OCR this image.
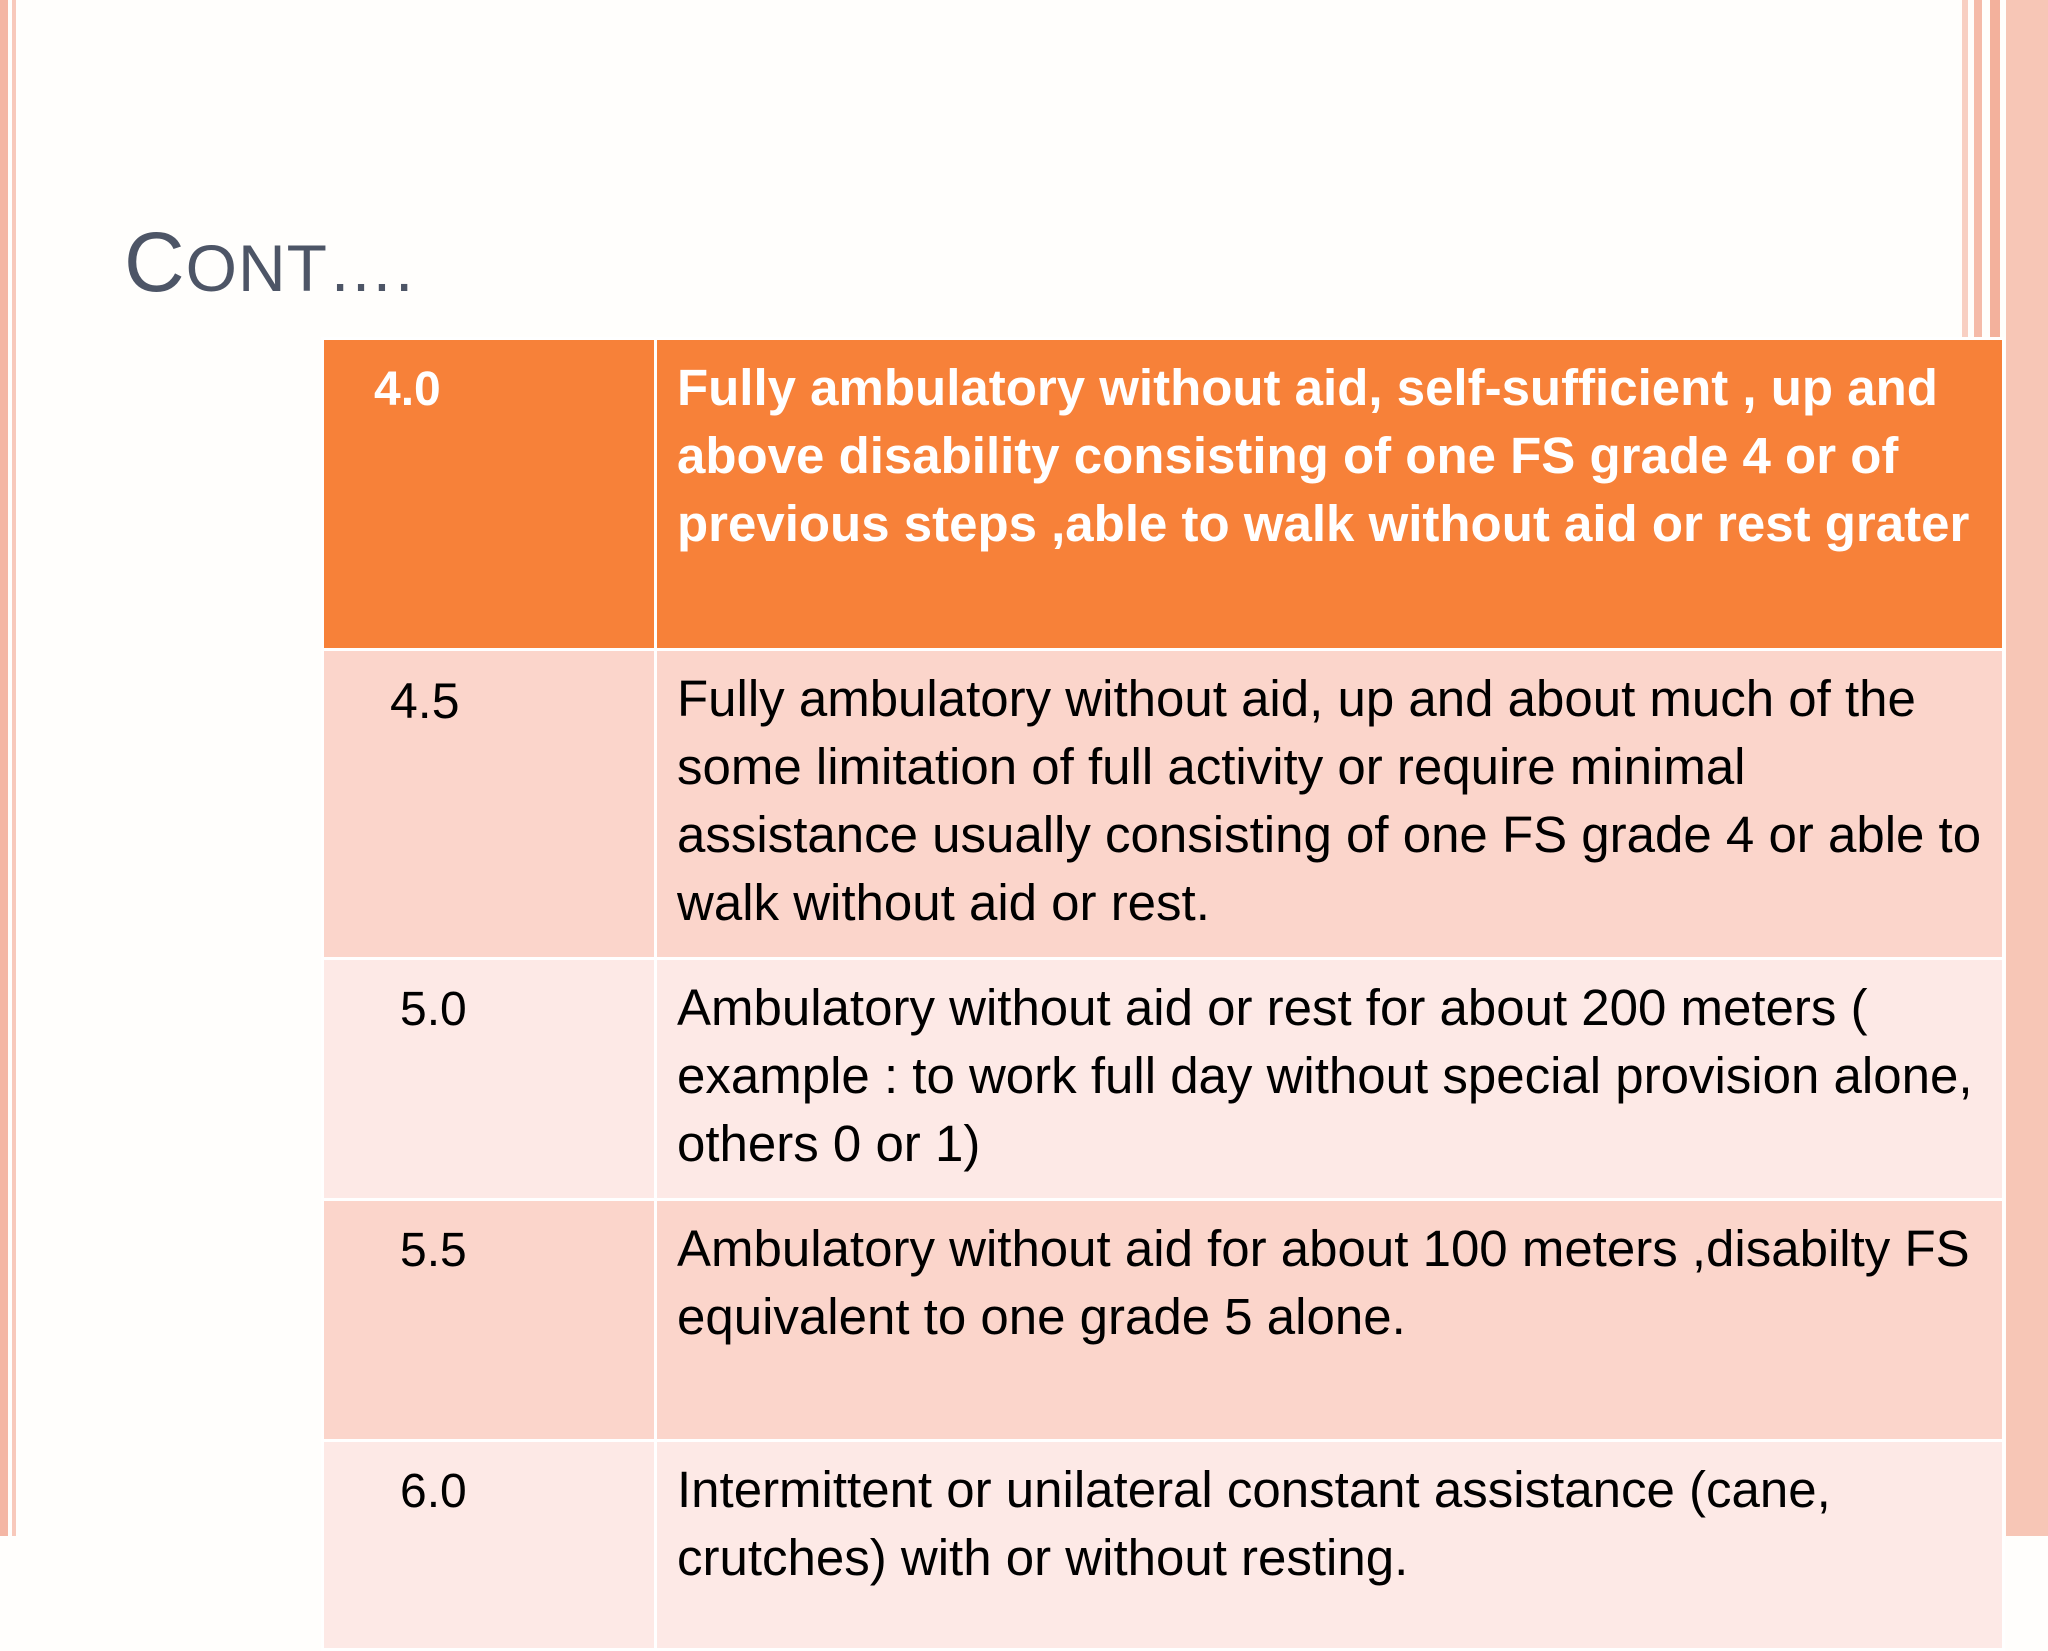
CONT….
4.0	Fully ambulatory without aid, self-sufficient , up and above disability consisting of one FS grade 4 or of previous steps ,able to walk without aid or rest grater
4.5	Fully ambulatory without aid, up and about much of the some limitation of full activity or require minimal assistance usually consisting of one FS grade 4 or able to walk without aid or rest.
5.0	Ambulatory without aid or rest for about 200 meters ( example : to work full day without special provision alone, others 0 or 1)
5.5	Ambulatory without aid for about 100 meters ,disabilty FS equivalent to one grade 5 alone.
6.0	Intermittent or unilateral constant assistance (cane, crutches) with or without resting.
